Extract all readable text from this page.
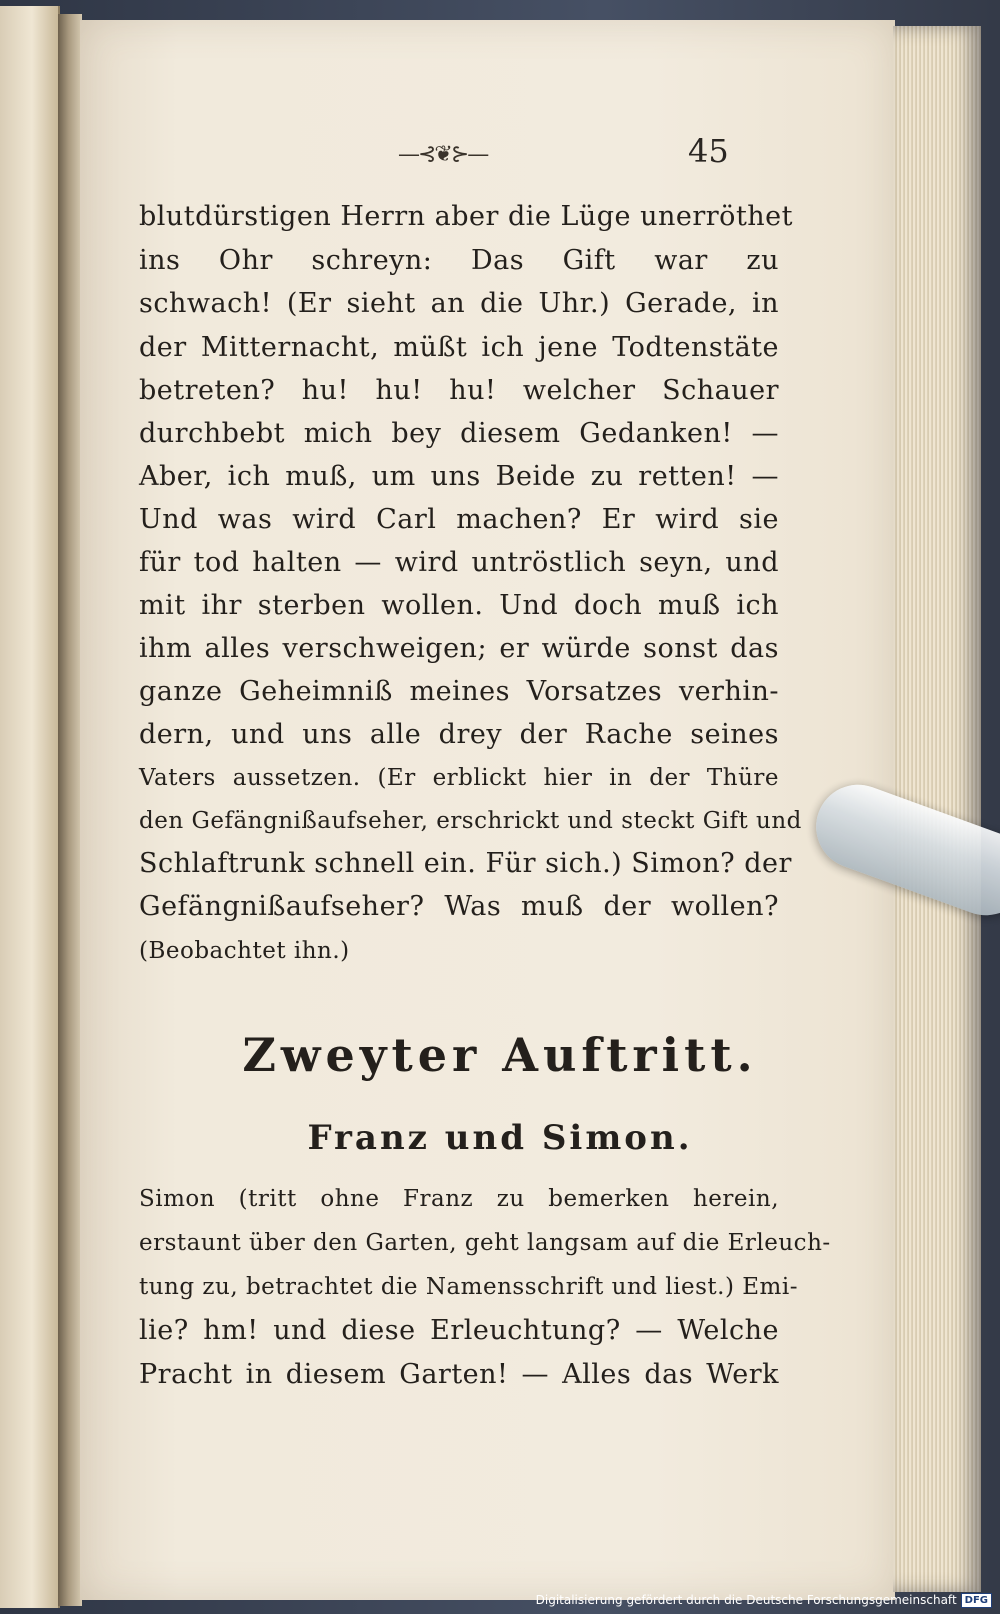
—⊰❦⊱—	45
blutdürstigen Herrn aber die Lüge unerröthet
ins Ohr schreyn: Das Gift war zu
schwach! (Er sieht an die Uhr.) Gerade, in
der Mitternacht, müßt ich jene Todtenstäte
betreten? hu! hu! hu! welcher Schauer
durchbebt mich bey diesem Gedanken! —
Aber, ich muß, um uns Beide zu retten! —
Und was wird Carl machen? Er wird sie
für tod halten — wird untröstlich seyn, und
mit ihr sterben wollen. Und doch muß ich
ihm alles verschweigen; er würde sonst das
ganze Geheimniß meines Vorsatzes verhin-
dern, und uns alle drey der Rache seines
Vaters aussetzen. (Er erblickt hier in der Thüre
den Gefängnißaufseher, erschrickt und steckt Gift und
Schlaftrunk schnell ein. Für sich.) Simon? der
Gefängnißaufseher? Was muß der wollen?
(Beobachtet ihn.)
Zweyter Auftritt.
Franz und Simon.
Simon (tritt ohne Franz zu bemerken herein,
erstaunt über den Garten, geht langsam auf die Erleuch-
tung zu, betrachtet die Namensschrift und liest.) Emi-
lie? hm! und diese Erleuchtung? — Welche
Pracht in diesem Garten! — Alles das Werk
Digitalisierung gefördert durch die Deutsche Forschungsgemeinschaft DFG
